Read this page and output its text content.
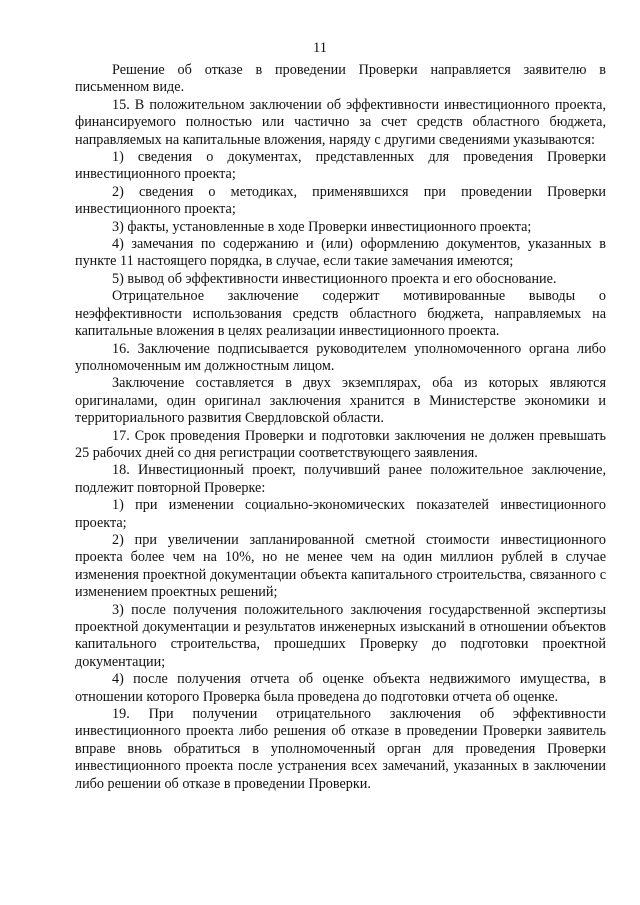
11

Решение об отказе в проведении Проверки направляется заявителю в письменном виде.

15. В положительном заключении об эффективности инвестиционного проекта, финансируемого полностью или частично за счет средств областного бюджета, направляемых на капитальные вложения, наряду с другими сведениями указываются:

1) сведения о документах, представленных для проведения Проверки инвестиционного проекта;

2) сведения о методиках, применявшихся при проведении Проверки инвестиционного проекта;

3) факты, установленные в ходе Проверки инвестиционного проекта;

4) замечания по содержанию и (или) оформлению документов, указанных в пункте 11 настоящего порядка, в случае, если такие замечания имеются;

5) вывод об эффективности инвестиционного проекта и его обоснование.

Отрицательное заключение содержит мотивированные выводы о неэффективности использования средств областного бюджета, направляемых на капитальные вложения в целях реализации инвестиционного проекта.

16. Заключение подписывается руководителем уполномоченного органа либо уполномоченным им должностным лицом.

Заключение составляется в двух экземплярах, оба из которых являются оригиналами, один оригинал заключения хранится в Министерстве экономики и территориального развития Свердловской области.

17. Срок проведения Проверки и подготовки заключения не должен превышать 25 рабочих дней со дня регистрации соответствующего заявления.

18. Инвестиционный проект, получивший ранее положительное заключение, подлежит повторной Проверке:

1) при изменении социально-экономических показателей инвестиционного проекта;

2) при увеличении запланированной сметной стоимости инвестиционного проекта более чем на 10%, но не менее чем на один миллион рублей в случае изменения проектной документации объекта капитального строительства, связанного с изменением проектных решений;

3) после получения положительного заключения государственной экспертизы проектной документации и результатов инженерных изысканий в отношении объектов капитального строительства, прошедших Проверку до подготовки проектной документации;

4) после получения отчета об оценке объекта недвижимого имущества, в отношении которого Проверка была проведена до подготовки отчета об оценке.

19. При получении отрицательного заключения об эффективности инвестиционного проекта либо решения об отказе в проведении Проверки заявитель вправе вновь обратиться в уполномоченный орган для проведения Проверки инвестиционного проекта после устранения всех замечаний, указанных в заключении либо решении об отказе в проведении Проверки.
